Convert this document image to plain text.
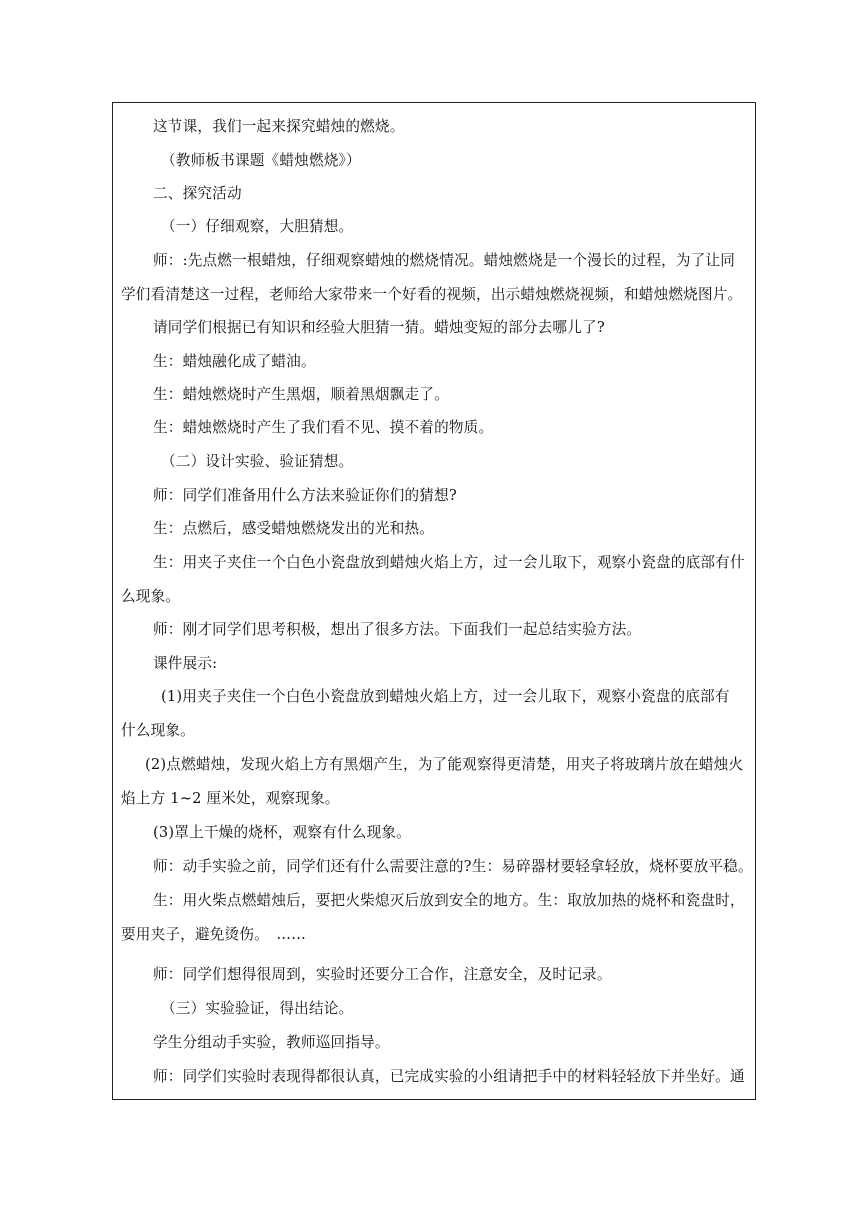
这节课，我们一起来探究蜡烛的燃烧。
（教师板书课题《蜡烛燃烧》）
二、探究活动
（一）仔细观察，大胆猜想。
师：:先点燃一根蜡烛，仔细观察蜡烛的燃烧情况。蜡烛燃烧是一个漫长的过程，为了让同
学们看清楚这一过程，老师给大家带来一个好看的视频，出示蜡烛燃烧视频，和蜡烛燃烧图片。
请同学们根据已有知识和经验大胆猜一猜。蜡烛变短的部分去哪儿了?
生：蜡烛融化成了蜡油。
生：蜡烛燃烧时产生黑烟，顺着黑烟飘走了。
生：蜡烛燃烧时产生了我们看不见、摸不着的物质。
（二）设计实验、验证猜想。
师：同学们准备用什么方法来验证你们的猜想?
生：点燃后，感受蜡烛燃烧发出的光和热。
生：用夹子夹住一个白色小瓷盘放到蜡烛火焰上方，过一会儿取下，观察小瓷盘的底部有什
么现象。
师：刚才同学们思考积极，想出了很多方法。下面我们一起总结实验方法。
课件展示:
(1)用夹子夹住一个白色小瓷盘放到蜡烛火焰上方，过一会儿取下，观察小瓷盘的底部有
什么现象。
(2)点燃蜡烛，发现火焰上方有黑烟产生，为了能观察得更清楚，用夹子将玻璃片放在蜡烛火
焰上方 1~2 厘米处，观察现象。
(3)罩上干燥的烧杯，观察有什么现象。
师：动手实验之前，同学们还有什么需要注意的?生：易碎器材要轻拿轻放，烧杯要放平稳。
生：用火柴点燃蜡烛后，要把火柴熄灭后放到安全的地方。生：取放加热的烧杯和瓷盘时，
要用夹子，避免烫伤。　……
师：同学们想得很周到，实验时还要分工合作，注意安全，及时记录。
（三）实验验证，得出结论。
学生分组动手实验，教师巡回指导。
师：同学们实验时表现得都很认真，已完成实验的小组请把手中的材料轻轻放下并坐好。通
